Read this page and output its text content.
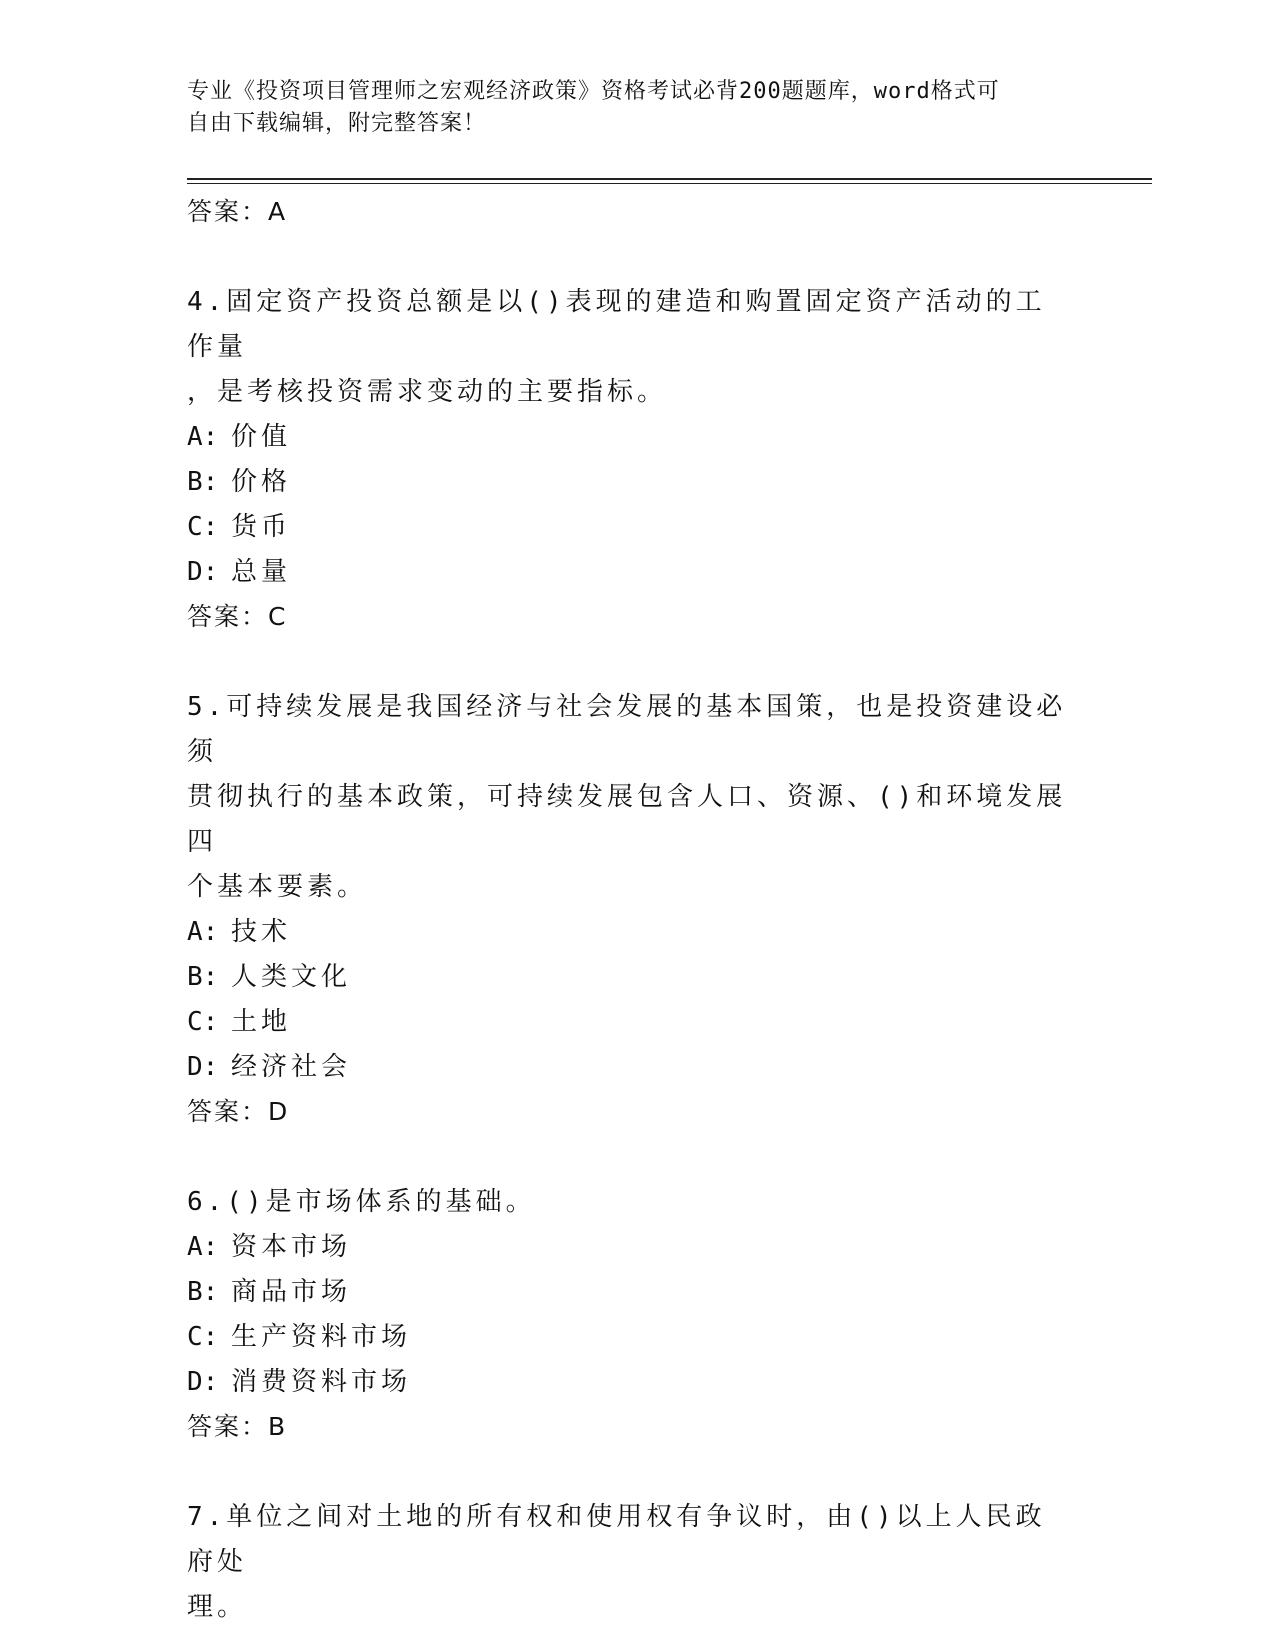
专业《投资项目管理师之宏观经济政策》资格考试必背200题题库，word格式可
自由下载编辑，附完整答案！
答案：A
4.固定资产投资总额是以()表现的建造和购置固定资产活动的工作量
，是考核投资需求变动的主要指标。
A: 价值
B: 价格
C: 货币
D: 总量
答案：C
5.可持续发展是我国经济与社会发展的基本国策，也是投资建设必须
贯彻执行的基本政策，可持续发展包含人口、资源、()和环境发展四
个基本要素。
A: 技术
B: 人类文化
C: 土地
D: 经济社会
答案：D
6.()是市场体系的基础。
A: 资本市场
B: 商品市场
C: 生产资料市场
D: 消费资料市场
答案：B
7.单位之间对土地的所有权和使用权有争议时，由()以上人民政府处
理。
